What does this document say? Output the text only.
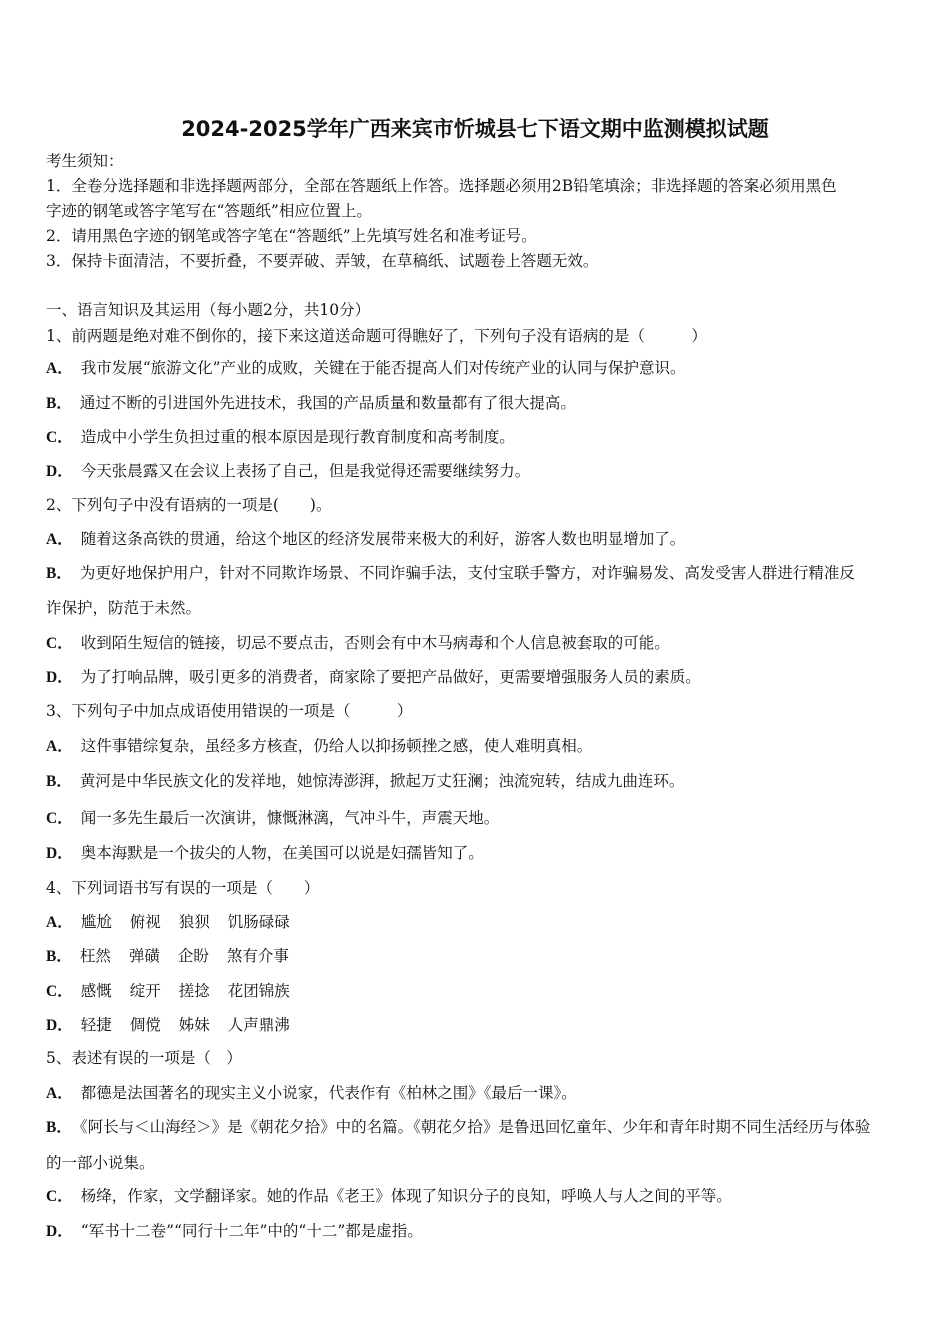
2024-2025学年广西来宾市忻城县七下语文期中监测模拟试题
考生须知：
1．全卷分选择题和非选择题两部分，全部在答题纸上作答。选择题必须用2B铅笔填涂；非选择题的答案必须用黑色
字迹的钢笔或答字笔写在“答题纸”相应位置上。
2．请用黑色字迹的钢笔或答字笔在“答题纸”上先填写姓名和准考证号。
3．保持卡面清洁，不要折叠，不要弄破、弄皱，在草稿纸、试题卷上答题无效。
一、语言知识及其运用（每小题2分，共10分）
1、前两题是绝对难不倒你的，接下来这道送命题可得瞧好了，下列句子没有语病的是（　　　）
A． 我市发展“旅游文化”产业的成败，关键在于能否提高人们对传统产业的认同与保护意识。
B． 通过不断的引进国外先进技术，我国的产品质量和数量都有了很大提高。
C． 造成中小学生负担过重的根本原因是现行教育制度和高考制度。
D． 今天张晨露又在会议上表扬了自己，但是我觉得还需要继续努力。
2、下列句子中没有语病的一项是(　　)。
A． 随着这条高铁的贯通，给这个地区的经济发展带来极大的利好，游客人数也明显增加了。
B． 为更好地保护用户，针对不同欺诈场景、不同诈骗手法，支付宝联手警方，对诈骗易发、高发受害人群进行精准反
诈保护，防范于未然。
C． 收到陌生短信的链接，切忌不要点击，否则会有中木马病毒和个人信息被套取的可能。
D． 为了打响品牌，吸引更多的消费者，商家除了要把产品做好，更需要增强服务人员的素质。
3、下列句子中加点成语使用错误的一项是（　　　）
A． 这件事错综复杂，虽经多方核查，仍给人以抑扬顿挫之感，使人难明真相。
B． 黄河是中华民族文化的发祥地，她惊涛澎湃，掀起万丈狂澜；浊流宛转，结成九曲连环。
C． 闻一多先生最后一次演讲，慷慨淋漓，气冲斗牛，声震天地。
D． 奥本海默是一个拔尖的人物，在美国可以说是妇孺皆知了。
4、下列词语书写有误的一项是（　　）
A． 尴尬 俯视 狼狈 饥肠碌碌
B． 枉然 弹磺 企盼 煞有介事
C． 感慨 绽开 搓捻 花团锦族
D． 轻捷 倜傥 姊妹 人声鼎沸
5、表述有误的一项是（　）
A． 都德是法国著名的现实主义小说家，代表作有《柏林之围》《最后一课》。
B． 《阿长与＜山海经＞》是《朝花夕拾》中的名篇。《朝花夕拾》是鲁迅回忆童年、少年和青年时期不同生活经历与体验
的一部小说集。
C． 杨绛，作家，文学翻译家。她的作品《老王》体现了知识分子的良知，呼唤人与人之间的平等。
D． “军书十二卷”“同行十二年”中的“十二”都是虚指。
